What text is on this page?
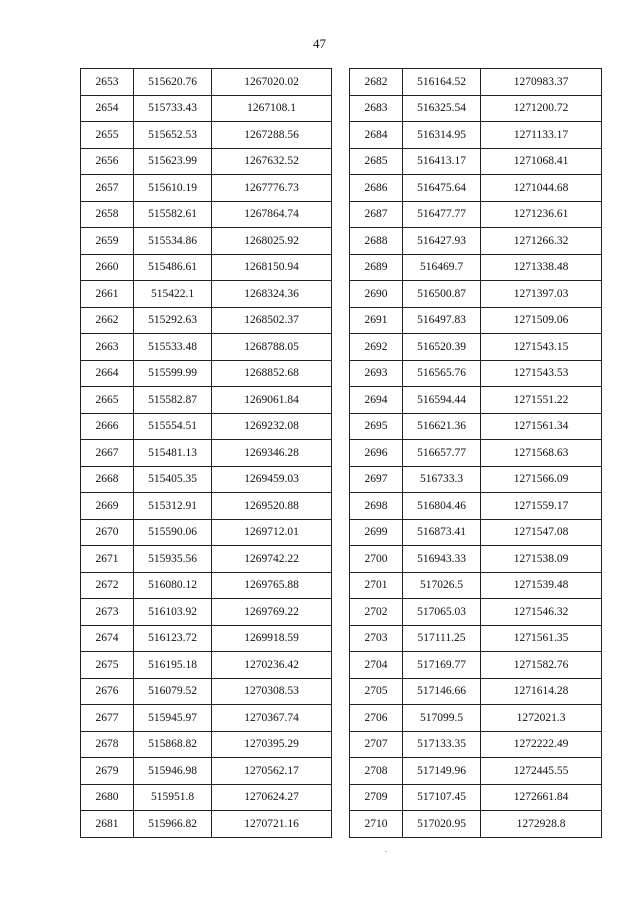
47
2653	515620.76	1267020.02
2654	515733.43	1267108.1
2655	515652.53	1267288.56
2656	515623.99	1267632.52
2657	515610.19	1267776.73
2658	515582.61	1267864.74
2659	515534.86	1268025.92
2660	515486.61	1268150.94
2661	515422.1	1268324.36
2662	515292.63	1268502.37
2663	515533.48	1268788.05
2664	515599.99	1268852.68
2665	515582.87	1269061.84
2666	515554.51	1269232.08
2667	515481.13	1269346.28
2668	515405.35	1269459.03
2669	515312.91	1269520.88
2670	515590.06	1269712.01
2671	515935.56	1269742.22
2672	516080.12	1269765.88
2673	516103.92	1269769.22
2674	516123.72	1269918.59
2675	516195.18	1270236.42
2676	516079.52	1270308.53
2677	515945.97	1270367.74
2678	515868.82	1270395.29
2679	515946.98	1270562.17
2680	515951.8	1270624.27
2681	515966.82	1270721.16
2682	516164.52	1270983.37
2683	516325.54	1271200.72
2684	516314.95	1271133.17
2685	516413.17	1271068.41
2686	516475.64	1271044.68
2687	516477.77	1271236.61
2688	516427.93	1271266.32
2689	516469.7	1271338.48
2690	516500.87	1271397.03
2691	516497.83	1271509.06
2692	516520.39	1271543.15
2693	516565.76	1271543.53
2694	516594.44	1271551.22
2695	516621.36	1271561.34
2696	516657.77	1271568.63
2697	516733.3	1271566.09
2698	516804.46	1271559.17
2699	516873.41	1271547.08
2700	516943.33	1271538.09
2701	517026.5	1271539.48
2702	517065.03	1271546.32
2703	517111.25	1271561.35
2704	517169.77	1271582.76
2705	517146.66	1271614.28
2706	517099.5	1272021.3
2707	517133.35	1272222.49
2708	517149.96	1272445.55
2709	517107.45	1272661.84
2710	517020.95	1272928.8
